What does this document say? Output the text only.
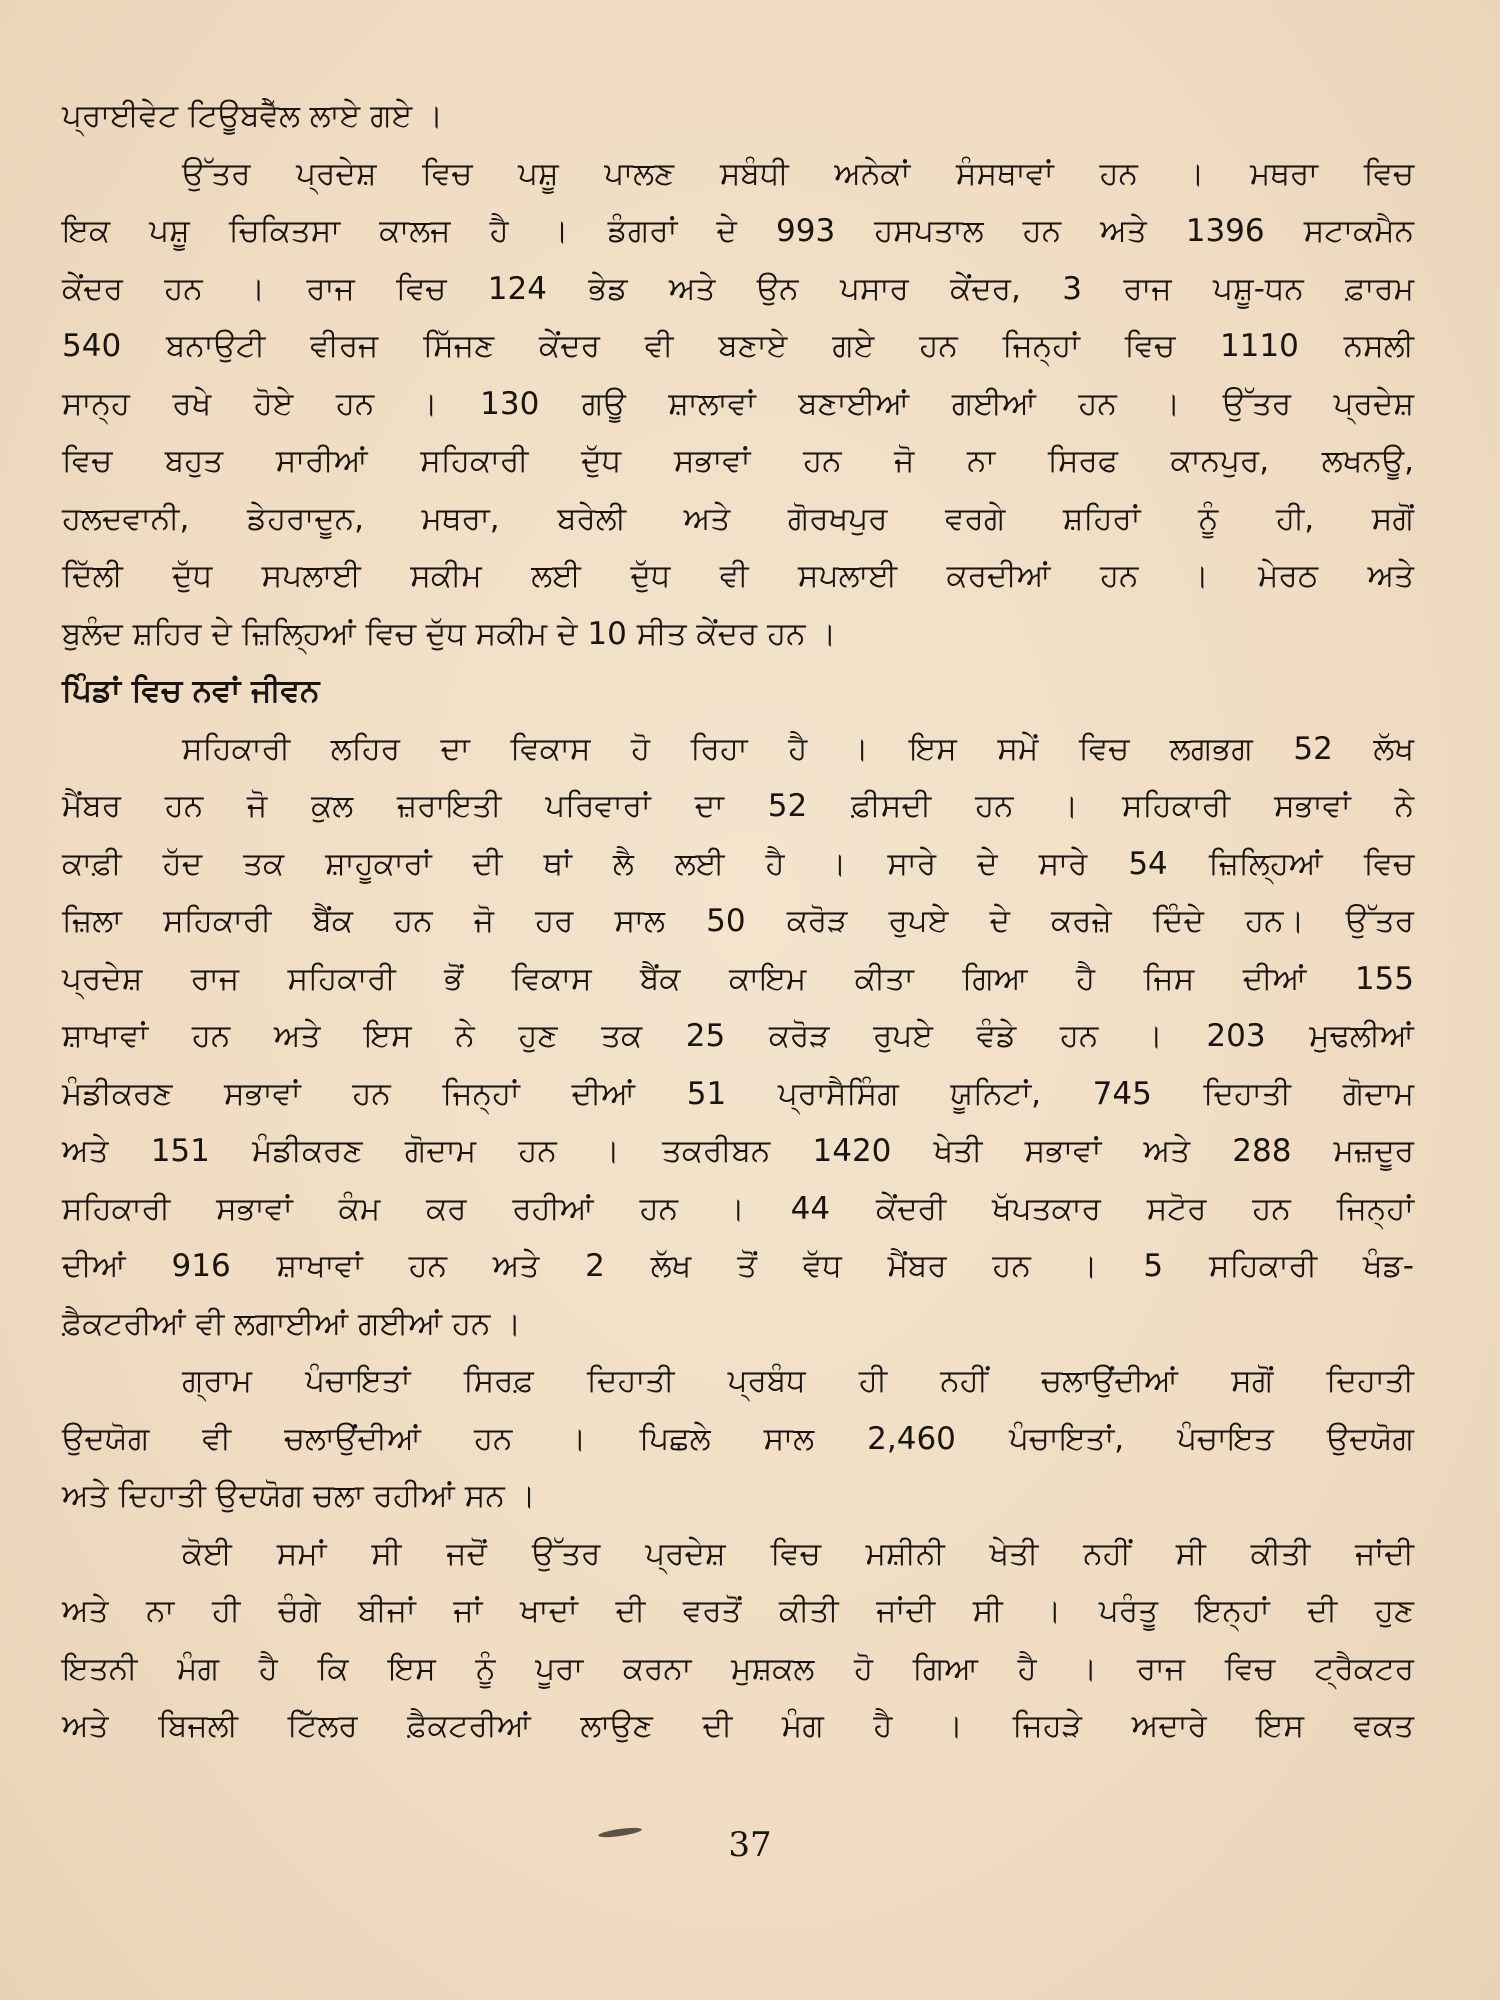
ਪ੍ਰਾਈਵੇਟ ਟਿਊਬਵੈੱਲ ਲਾਏ ਗਏ ।
ਉੱਤਰ ਪ੍ਰਦੇਸ਼ ਵਿਚ ਪਸ਼ੂ ਪਾਲਣ ਸਬੰਧੀ ਅਨੇਕਾਂ ਸੰਸਥਾਵਾਂ ਹਨ । ਮਥਰਾ ਵਿਚ
ਇਕ ਪਸ਼ੂ ਚਿਕਿਤਸਾ ਕਾਲਜ ਹੈ । ਡੰਗਰਾਂ ਦੇ 993 ਹਸਪਤਾਲ ਹਨ ਅਤੇ 1396 ਸਟਾਕਮੈਨ
ਕੇਂਦਰ ਹਨ । ਰਾਜ ਵਿਚ 124 ਭੇਡ ਅਤੇ ਉਨ ਪਸਾਰ ਕੇਂਦਰ, 3 ਰਾਜ ਪਸ਼ੂ-ਧਨ ਫ਼ਾਰਮ
540 ਬਨਾਉਟੀ ਵੀਰਜ ਸਿੱਜਣ ਕੇਂਦਰ ਵੀ ਬਣਾਏ ਗਏ ਹਨ ਜਿਨ੍ਹਾਂ ਵਿਚ 1110 ਨਸਲੀ
ਸਾਨ੍ਹ ਰਖੇ ਹੋਏ ਹਨ । 130 ਗਊ ਸ਼ਾਲਾਵਾਂ ਬਣਾਈਆਂ ਗਈਆਂ ਹਨ । ਉੱਤਰ ਪ੍ਰਦੇਸ਼
ਵਿਚ ਬਹੁਤ ਸਾਰੀਆਂ ਸਹਿਕਾਰੀ ਦੁੱਧ ਸਭਾਵਾਂ ਹਨ ਜੋ ਨਾ ਸਿਰਫ ਕਾਨਪੁਰ, ਲਖਨਊ,
ਹਲਦਵਾਨੀ, ਡੇਹਰਾਦੂਨ, ਮਥਰਾ, ਬਰੇਲੀ ਅਤੇ ਗੋਰਖਪੁਰ ਵਰਗੇ ਸ਼ਹਿਰਾਂ ਨੂੰ ਹੀ, ਸਗੋਂ
ਦਿੱਲੀ ਦੁੱਧ ਸਪਲਾਈ ਸਕੀਮ ਲਈ ਦੁੱਧ ਵੀ ਸਪਲਾਈ ਕਰਦੀਆਂ ਹਨ । ਮੇਰਠ ਅਤੇ
ਬੁਲੰਦ ਸ਼ਹਿਰ ਦੇ ਜ਼ਿਲ੍ਹਿਆਂ ਵਿਚ ਦੁੱਧ ਸਕੀਮ ਦੇ 10 ਸੀਤ ਕੇਂਦਰ ਹਨ ।
ਪਿੰਡਾਂ ਵਿਚ ਨਵਾਂ ਜੀਵਨ
ਸਹਿਕਾਰੀ ਲਹਿਰ ਦਾ ਵਿਕਾਸ ਹੋ ਰਿਹਾ ਹੈ । ਇਸ ਸਮੇਂ ਵਿਚ ਲਗਭਗ 52 ਲੱਖ
ਮੈਂਬਰ ਹਨ ਜੋ ਕੁਲ ਜ਼ਰਾਇਤੀ ਪਰਿਵਾਰਾਂ ਦਾ 52 ਫ਼ੀਸਦੀ ਹਨ । ਸਹਿਕਾਰੀ ਸਭਾਵਾਂ ਨੇ
ਕਾਫ਼ੀ ਹੱਦ ਤਕ ਸ਼ਾਹੂਕਾਰਾਂ ਦੀ ਥਾਂ ਲੈ ਲਈ ਹੈ । ਸਾਰੇ ਦੇ ਸਾਰੇ 54 ਜ਼ਿਲ੍ਹਿਆਂ ਵਿਚ
ਜ਼ਿਲਾ ਸਹਿਕਾਰੀ ਬੈਂਕ ਹਨ ਜੋ ਹਰ ਸਾਲ 50 ਕਰੋੜ ਰੁਪਏ ਦੇ ਕਰਜ਼ੇ ਦਿੰਦੇ ਹਨ। ਉੱਤਰ
ਪ੍ਰਦੇਸ਼ ਰਾਜ ਸਹਿਕਾਰੀ ਭੋਂ ਵਿਕਾਸ ਬੈਂਕ ਕਾਇਮ ਕੀਤਾ ਗਿਆ ਹੈ ਜਿਸ ਦੀਆਂ 155
ਸ਼ਾਖਾਵਾਂ ਹਨ ਅਤੇ ਇਸ ਨੇ ਹੁਣ ਤਕ 25 ਕਰੋੜ ਰੁਪਏ ਵੰਡੇ ਹਨ । 203 ਮੁਢਲੀਆਂ
ਮੰਡੀਕਰਣ ਸਭਾਵਾਂ ਹਨ ਜਿਨ੍ਹਾਂ ਦੀਆਂ 51 ਪ੍ਰਾਸੈਸਿੰਗ ਯੂਨਿਟਾਂ, 745 ਦਿਹਾਤੀ ਗੋਦਾਮ
ਅਤੇ 151 ਮੰਡੀਕਰਣ ਗੋਦਾਮ ਹਨ । ਤਕਰੀਬਨ 1420 ਖੇਤੀ ਸਭਾਵਾਂ ਅਤੇ 288 ਮਜ਼ਦੂਰ
ਸਹਿਕਾਰੀ ਸਭਾਵਾਂ ਕੰਮ ਕਰ ਰਹੀਆਂ ਹਨ । 44 ਕੇਂਦਰੀ ਖੱਪਤਕਾਰ ਸਟੋਰ ਹਨ ਜਿਨ੍ਹਾਂ
ਦੀਆਂ 916 ਸ਼ਾਖਾਵਾਂ ਹਨ ਅਤੇ 2 ਲੱਖ ਤੋਂ ਵੱਧ ਮੈਂਬਰ ਹਨ । 5 ਸਹਿਕਾਰੀ ਖੰਡ-
ਫ਼ੈਕਟਰੀਆਂ ਵੀ ਲਗਾਈਆਂ ਗਈਆਂ ਹਨ ।
ਗ੍ਰਾਮ ਪੰਚਾਇਤਾਂ ਸਿਰਫ਼ ਦਿਹਾਤੀ ਪ੍ਰਬੰਧ ਹੀ ਨਹੀਂ ਚਲਾਉਂਦੀਆਂ ਸਗੋਂ ਦਿਹਾਤੀ
ਉਦਯੋਗ ਵੀ ਚਲਾਉਂਦੀਆਂ ਹਨ । ਪਿਛਲੇ ਸਾਲ 2,460 ਪੰਚਾਇਤਾਂ, ਪੰਚਾਇਤ ਉਦਯੋਗ
ਅਤੇ ਦਿਹਾਤੀ ਉਦਯੋਗ ਚਲਾ ਰਹੀਆਂ ਸਨ ।
ਕੋਈ ਸਮਾਂ ਸੀ ਜਦੋਂ ਉੱਤਰ ਪ੍ਰਦੇਸ਼ ਵਿਚ ਮਸ਼ੀਨੀ ਖੇਤੀ ਨਹੀਂ ਸੀ ਕੀਤੀ ਜਾਂਦੀ
ਅਤੇ ਨਾ ਹੀ ਚੰਗੇ ਬੀਜਾਂ ਜਾਂ ਖਾਦਾਂ ਦੀ ਵਰਤੋਂ ਕੀਤੀ ਜਾਂਦੀ ਸੀ । ਪਰੰਤੂ ਇਨ੍ਹਾਂ ਦੀ ਹੁਣ
ਇਤਨੀ ਮੰਗ ਹੈ ਕਿ ਇਸ ਨੂੰ ਪੂਰਾ ਕਰਨਾ ਮੁਸ਼ਕਲ ਹੋ ਗਿਆ ਹੈ । ਰਾਜ ਵਿਚ ਟ੍ਰੈਕਟਰ
ਅਤੇ ਬਿਜਲੀ ਟਿੱਲਰ ਫ਼ੈਕਟਰੀਆਂ ਲਾਉਣ ਦੀ ਮੰਗ ਹੈ । ਜਿਹੜੇ ਅਦਾਰੇ ਇਸ ਵਕਤ
37
